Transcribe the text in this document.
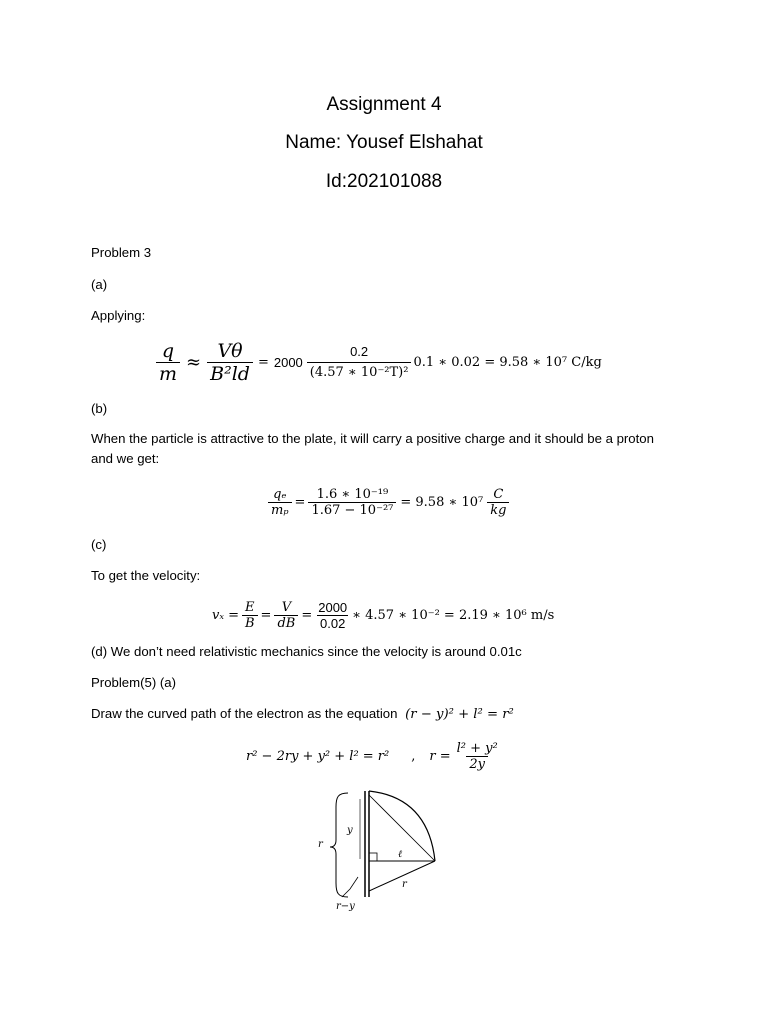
Assignment 4
Name: Yousef Elshahat
Id:202101088
Problem 3
(a)
Applying:
$\frac{q}{m} \approx \frac{V\theta}{\text{B²ld}} = 2000 \frac{0.2}{\text{(4.57 ∗ 10⁻²T)²}} 0.1$ ∗ 0.02 = 9.58 ∗ 10⁷ C/kg
(b)
When the particle is attractive to the plate, it will carry a positive charge and it should be a proton and we get:
$\frac{\text{qₑ}}{\text{mₚ}} = \frac{\text{1.6 ∗ 10⁻¹⁹}}{\text{1.67 − 10⁻²⁷}} = 9.58$ ∗ $10^7 \frac{C}{kg}$
(c)
To get the velocity:
$v_x = \frac{E}{B} = \frac{V}{dB} = \frac{2000}{0.02}$ ∗ 4.57 ∗ 10⁻² = 2.19 ∗ 10⁶ m/s
(d) We don’t need relativistic mechanics since the velocity is around 0.01c
Problem(5) (a)
Draw the curved path of the electron as the equation (r − y)² + l² = r²
r² − 2ry + y² + l² = r² , $r = \frac{\text{l² + y²}}{2y}$
r
y
ℓ
r
r−y
